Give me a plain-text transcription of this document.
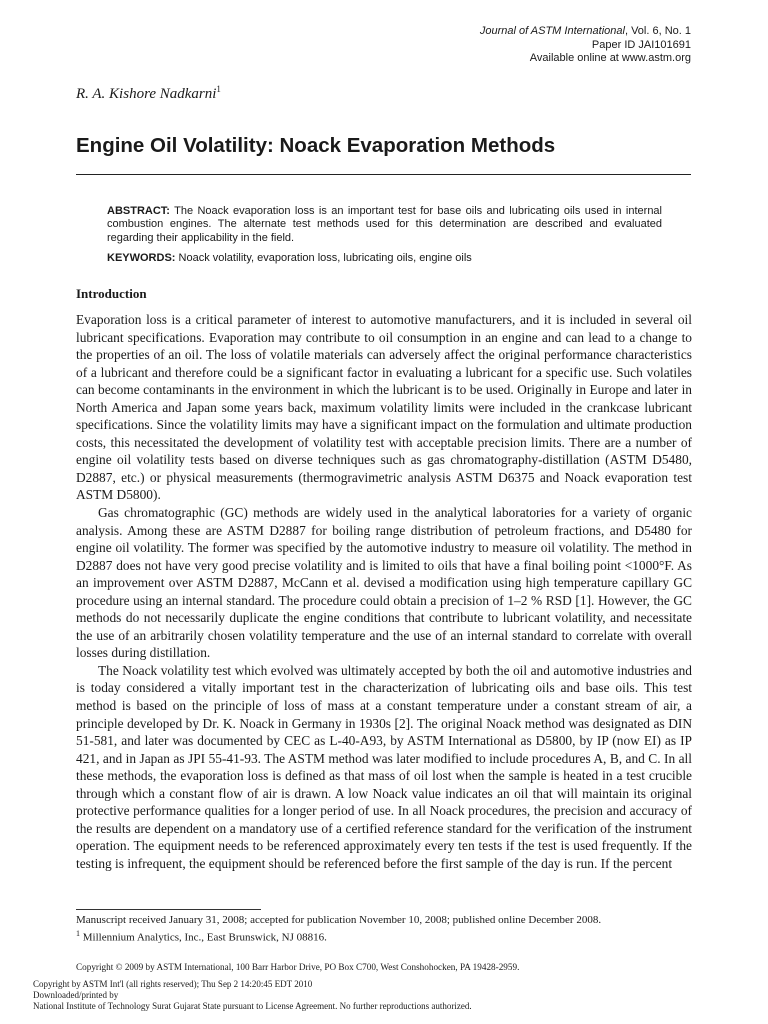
Journal of ASTM International, Vol. 6, No. 1
Paper ID JAI101691
Available online at www.astm.org
R. A. Kishore Nadkarni$^1$
Engine Oil Volatility: Noack Evaporation Methods
ABSTRACT: The Noack evaporation loss is an important test for base oils and lubricating oils used in internal combustion engines. The alternate test methods used for this determination are described and evaluated regarding their applicability in the field.
KEYWORDS: Noack volatility, evaporation loss, lubricating oils, engine oils
Introduction

Evaporation loss is a critical parameter of interest to automotive manufacturers, and it is included in several oil lubricant specifications. Evaporation may contribute to oil consumption in an engine and can lead to a change to the properties of an oil. The loss of volatile materials can adversely affect the original performance characteristics of a lubricant and therefore could be a significant factor in evaluating a lubricant for a specific use. Such volatiles can become contaminants in the environment in which the lubricant is to be used. Originally in Europe and later in North America and Japan some years back, maximum volatility limits were included in the crankcase lubricant specifications. Since the volatility limits may have a significant impact on the formulation and ultimate production costs, this necessitated the development of volatility test with acceptable precision limits. There are a number of engine oil volatility tests based on diverse techniques such as gas chromatography-distillation (ASTM D5480, D2887, etc.) or physical measurements (thermogravimetric analysis ASTM D6375 and Noack evaporation test ASTM D5800).

Gas chromatographic (GC) methods are widely used in the analytical laboratories for a variety of organic analysis. Among these are ASTM D2887 for boiling range distribution of petroleum fractions, and D5480 for engine oil volatility. The former was specified by the automotive industry to measure oil volatility. The method in D2887 does not have very good precise volatility and is limited to oils that have a final boiling point <1000°F. As an improvement over ASTM D2887, McCann et al. devised a modification using high temperature capillary GC procedure using an internal standard. The procedure could obtain a precision of 1–2 % RSD [1]. However, the GC methods do not necessarily duplicate the engine conditions that contribute to lubricant volatility, and necessitate the use of an arbitrarily chosen volatility temperature and the use of an internal standard to correlate with overall losses during distillation.

The Noack volatility test which evolved was ultimately accepted by both the oil and automotive industries and is today considered a vitally important test in the characterization of lubricating oils and base oils. This test method is based on the principle of loss of mass at a constant temperature under a constant stream of air, a principle developed by Dr. K. Noack in Germany in 1930s [2]. The original Noack method was designated as DIN 51-581, and later was documented by CEC as L-40-A93, by ASTM International as D5800, by IP (now EI) as IP 421, and in Japan as JPI 55-41-93. The ASTM method was later modified to include procedures A, B, and C. In all these methods, the evaporation loss is defined as that mass of oil lost when the sample is heated in a test crucible through which a constant flow of air is drawn. A low Noack value indicates an oil that will maintain its original protective performance qualities for a longer period of use. In all Noack procedures, the precision and accuracy of the results are dependent on a mandatory use of a certified reference standard for the verification of the instrument operation. The equipment needs to be referenced approximately every ten tests if the test is used frequently. If the testing is infrequent, the equipment should be referenced before the first sample of the day is run. If the percent

Manuscript received January 31, 2008; accepted for publication November 10, 2008; published online December 2008.
$^1$ Millennium Analytics, Inc., East Brunswick, NJ 08816.
Copyright © 2009 by ASTM International, 100 Barr Harbor Drive, PO Box C700, West Conshohocken, PA 19428-2959.
Copyright by ASTM Int'l (all rights reserved); Thu Sep 2 14:20:45 EDT 2010
Downloaded/printed by
National Institute of Technology Surat Gujarat State pursuant to License Agreement. No further reproductions authorized.
